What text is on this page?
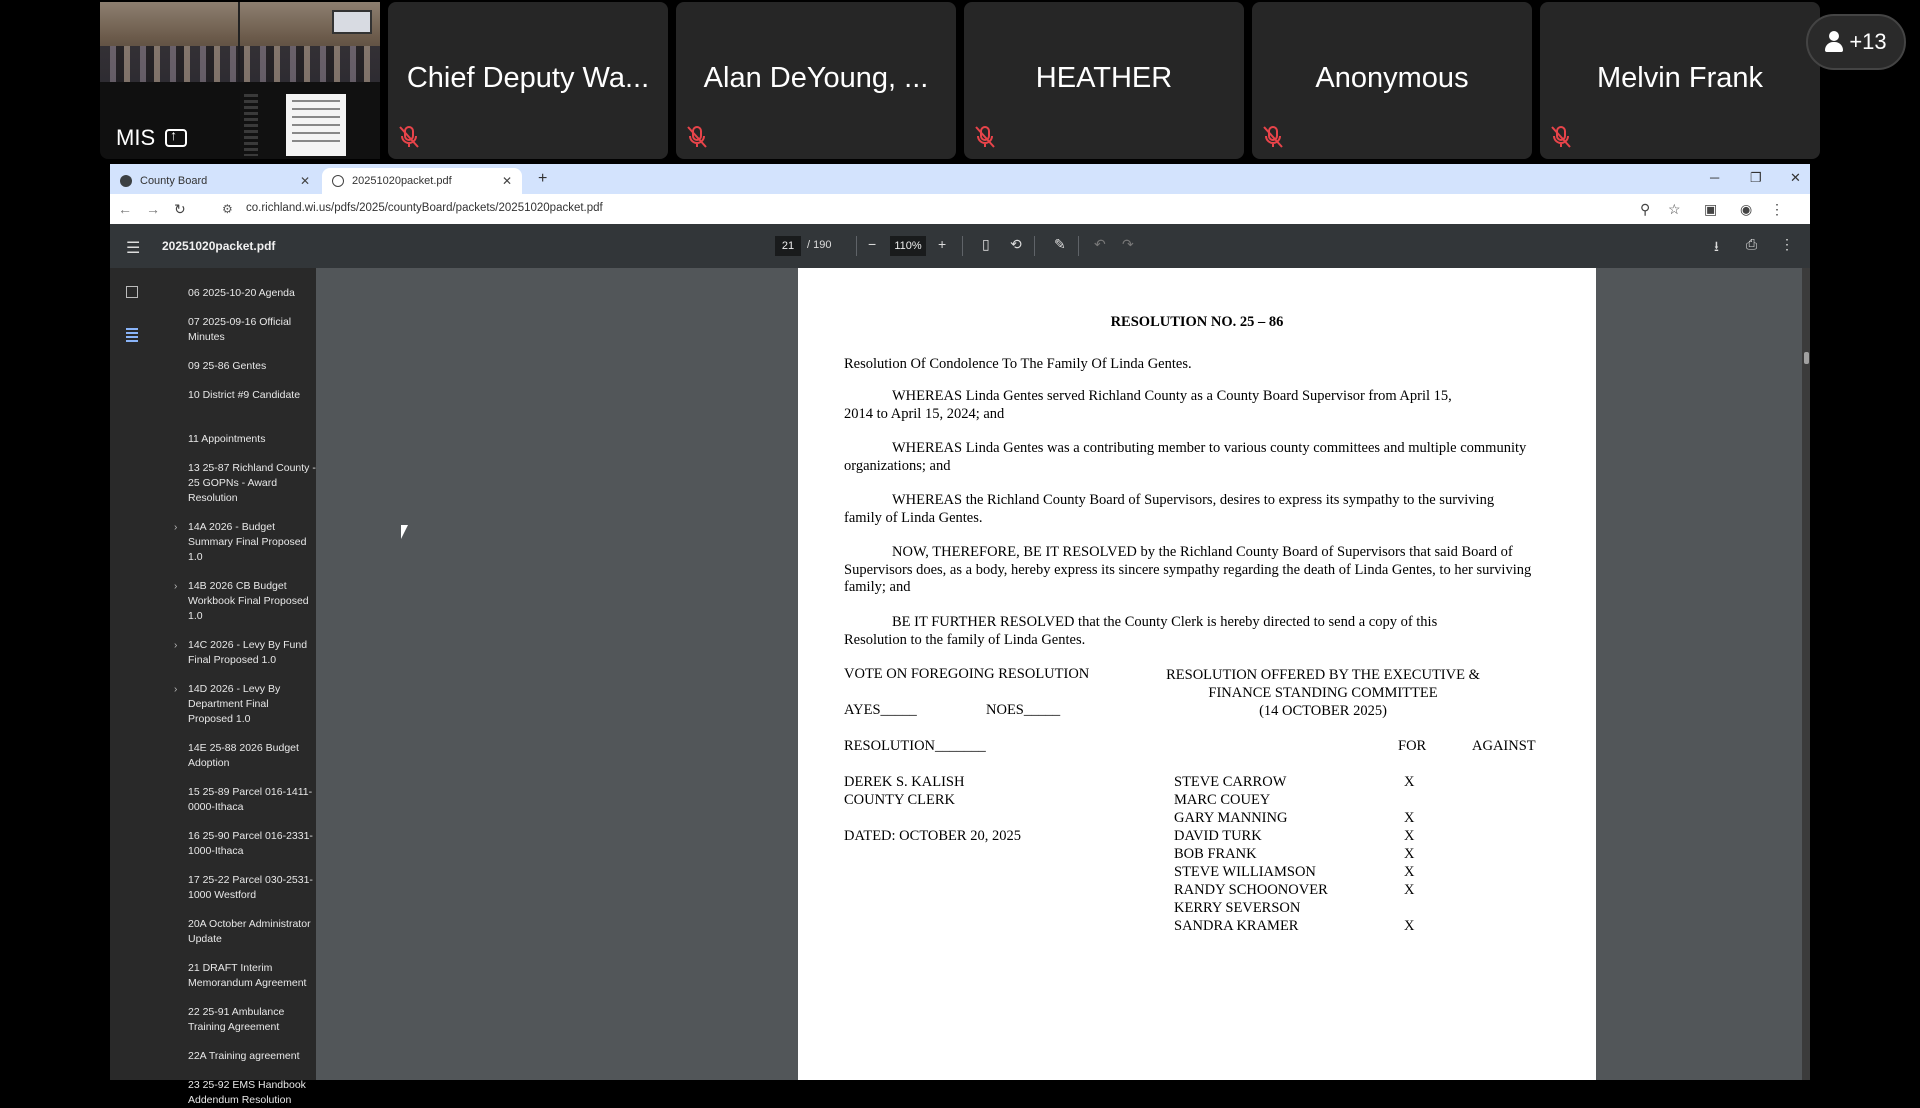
MIS
↑
Chief Deputy Wa...	Alan DeYoung, ...	HEATHER	Anonymous	Melvin Frank
+13
County Board	✕	20251020packet.pdf	✕ +	─ ❐ ✕
← → ↻	⚙ co.richland.wi.us/pdfs/2025/countyBoard/packets/20251020packet.pdf	⚲ ☆ ▣ ◉ ⋮
☰ 20251020packet.pdf	21	/ 190	−	110%	+	▯ ⟲ ✎ ↶ ↷	⭳ ⎙ ⋮
06 2025-10-20 Agenda
07 2025-09-16 Official Minutes
09 25-86 Gentes
10 District #9 Candidate
11 Appointments
13 25-87 Richland County - 25 GOPNs - Award Resolution
› 14A 2026 - Budget Summary Final Proposed 1.0
› 14B 2026 CB Budget Workbook Final Proposed 1.0
› 14C 2026 - Levy By Fund Final Proposed 1.0
› 14D 2026 - Levy By Department Final Proposed 1.0
14E 25-88 2026 Budget Adoption
15 25-89 Parcel 016-1411-0000-Ithaca
16 25-90 Parcel 016-2331-1000-Ithaca
17 25-22 Parcel 030-2531-1000 Westford
20A October Administrator Update
21 DRAFT Interim Memorandum Agreement
22 25-91 Ambulance Training Agreement
22A Training agreement
23 25-92 EMS Handbook Addendum Resolution
RESOLUTION NO. 25 – 86

Resolution Of Condolence To The Family Of Linda Gentes.

WHEREAS Linda Gentes served Richland County as a County Board Supervisor from April 15, 2014 to April 15, 2024; and

WHEREAS Linda Gentes was a contributing member to various county committees and multiple community organizations; and

WHEREAS the Richland County Board of Supervisors, desires to express its sympathy to the surviving family of Linda Gentes.

NOW, THEREFORE, BE IT RESOLVED by the Richland County Board of Supervisors that said Board of Supervisors does, as a body, hereby express its sincere sympathy regarding the death of Linda Gentes, to her surviving family; and

BE IT FURTHER RESOLVED that the County Clerk is hereby directed to send a copy of this Resolution to the family of Linda Gentes.

VOTE ON FOREGOING RESOLUTION	RESOLUTION OFFERED BY THE EXECUTIVE &
FINANCE STANDING COMMITTEE
(14 OCTOBER 2025)
AYES_____	NOES_____
RESOLUTION_______	FOR	AGAINST
DEREK S. KALISH
COUNTY CLERK
DATED: OCTOBER 20, 2025
STEVE CARROW	X
MARC COUEY
GARY MANNING	X
DAVID TURK	X
BOB FRANK	X
STEVE WILLIAMSON	X
RANDY SCHOONOVER	X
KERRY SEVERSON
SANDRA KRAMER	X
